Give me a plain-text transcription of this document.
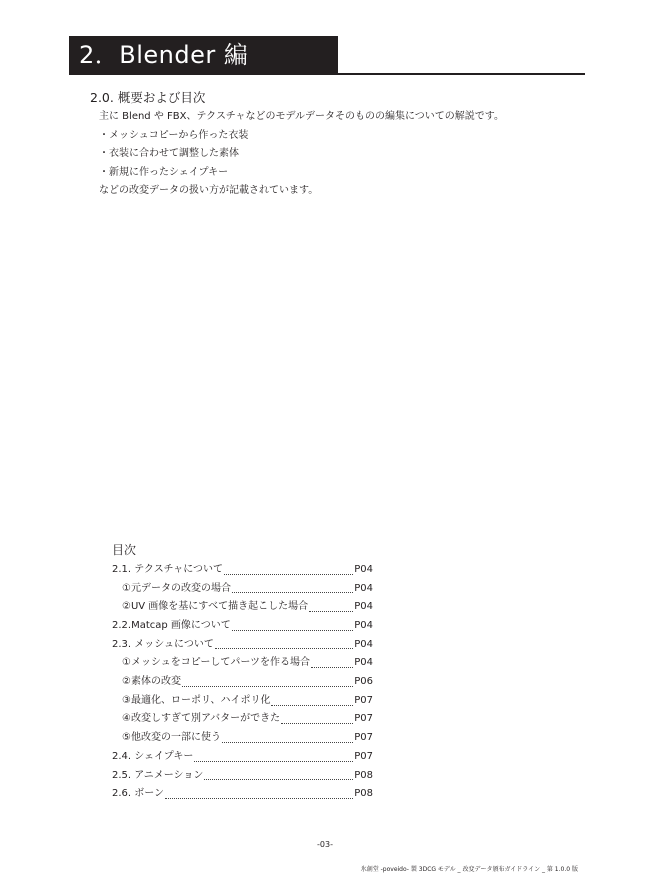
2．Blender 編
2.0. 概要および目次
主に Blend や FBX、テクスチャなどのモデルデータそのものの編集についての解説です。
・メッシュコピーから作った衣装
・衣装に合わせて調整した素体
・新規に作ったシェイプキー
などの改変データの扱い方が記載されています。
目次
2.1. テクスチャについて	P04
①元データの改変の場合	P04
②UV 画像を基にすべて描き起こした場合	P04
2.2.Matcap 画像について	P04
2.3. メッシュについて	P04
①メッシュをコピーしてパーツを作る場合	P04
②素体の改変	P06
③最適化、ローポリ、ハイポリ化	P07
④改変しすぎて別アバターができた	P07
⑤他改変の一部に使う	P07
2.4. シェイプキー	P07
2.5. アニメーション	P08
2.6. ボーン	P08
-03-
氷創堂 -poveido- 製 3DCG モデル _ 改変データ頒布ガイドライン _ 第 1.0.0 版
